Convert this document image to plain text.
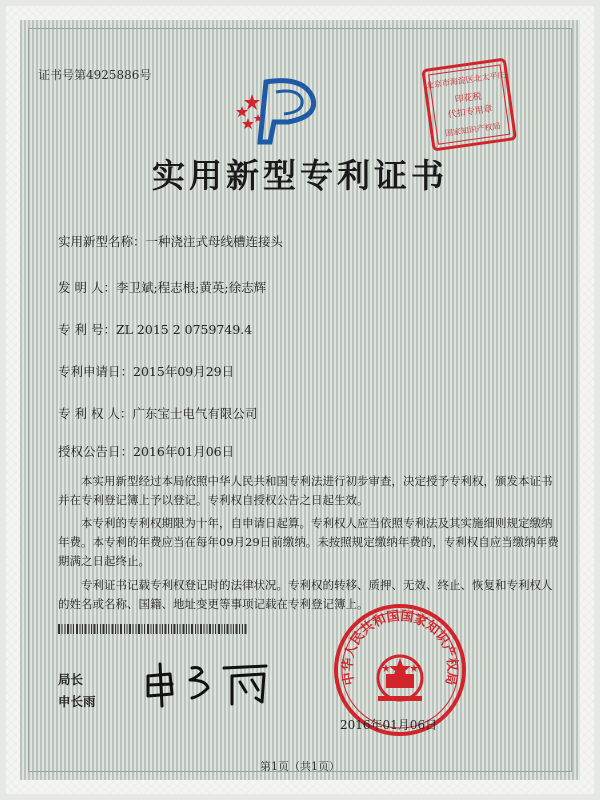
证书号第4925886号	北京市海淀区北太平庄
印花税
代扣专用章
国家知识产权局
实用新型专利证书
实用新型名称：一种浇注式母线槽连接头
发 明 人：李卫斌;程志根;黄英;徐志辉
专 利 号：ZL 2015 2 0759749.4
专利申请日：2015年09月29日
专 利 权 人：广东宝士电气有限公司
授权公告日：2016年01月06日
本实用新型经过本局依照中华人民共和国专利法进行初步审查，决定授予专利权，颁发本证书并在专利登记簿上予以登记。专利权自授权公告之日起生效。
本专利的专利权期限为十年，自申请日起算。专利权人应当依照专利法及其实施细则规定缴纳年费。本专利的年费应当在每年09月29日前缴纳。未按照规定缴纳年费的，专利权自应当缴纳年费期满之日起终止。
专利证书记载专利权登记时的法律状况。专利权的转移、质押、无效、终止、恢复和专利权人的姓名或名称、国籍、地址变更等事项记载在专利登记簿上。
局长
申长雨
中华人民共和国国家知识产权局
2016年01月06日
第1页（共1页）
